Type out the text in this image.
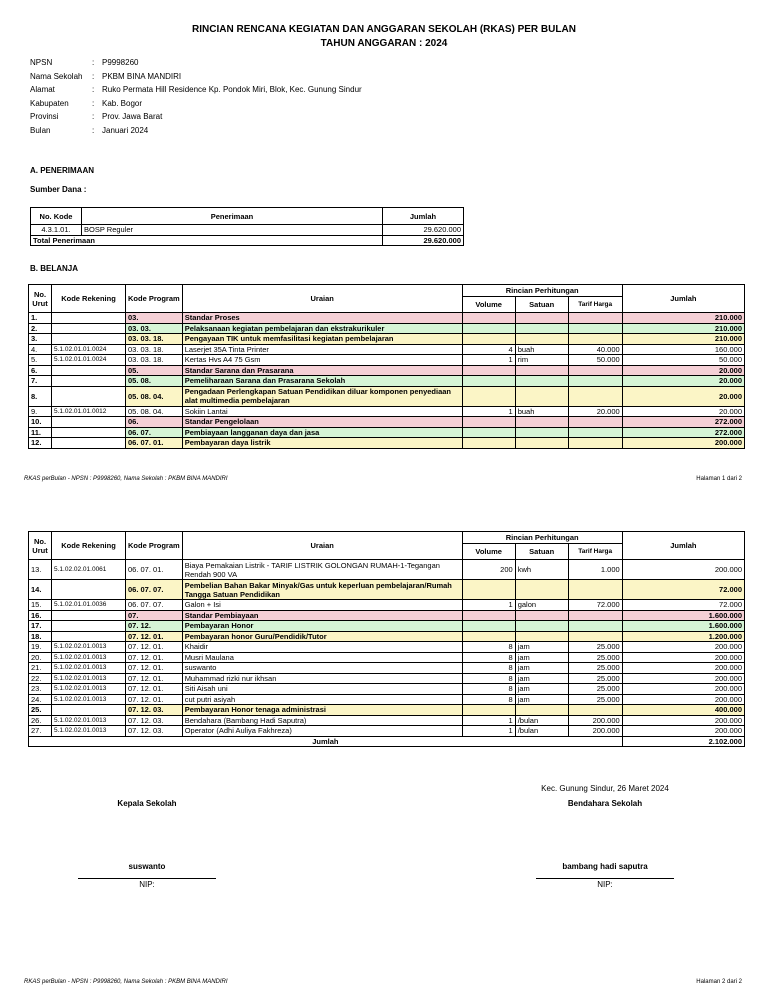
RINCIAN RENCANA KEGIATAN DAN ANGGARAN SEKOLAH (RKAS) PER BULAN
TAHUN ANGGARAN : 2024
NPSN	: P9998260
Nama Sekolah : PKBM BINA MANDIRI
Alamat	: Ruko Permata Hill Residence Kp. Pondok Miri, Blok, Kec. Gunung Sindur
Kabupaten	: Kab. Bogor
Provinsi	: Prov. Jawa Barat
Bulan	: Januari 2024
A. PENERIMAAN
Sumber Dana :
No. Kode	Penerimaan	Jumlah
4.3.1.01.	BOSP Reguler	29.620.000
Total Penerimaan		29.620.000
B. BELANJA
No. Urut	Kode Rekening	Kode Program	Uraian	Rincian Perhitungan			Jumlah
				Volume	Satuan	Tarif Harga	
1.		03.	Standar Proses				210.000
2.		03. 03.	Pelaksanaan kegiatan pembelajaran dan ekstrakurikuler				210.000
3.		03. 03. 18.	Pengayaan TIK untuk memfasilitasi kegiatan pembelajaran				210.000
4.	5.1.02.01.01.0024	03. 03. 18.	Laserjet 35A Tinta Printer	4	buah	40.000	160.000
5.	5.1.02.01.01.0024	03. 03. 18.	Kertas Hvs A4 75 Gsm	1	rim	50.000	50.000
6.		05.	Standar Sarana dan Prasarana				20.000
7.		05. 08.	Pemeliharaan Sarana dan Prasarana Sekolah				20.000
8.		05. 08. 04.	Pengadaan Perlengkapan Satuan Pendidikan diluar komponen penyediaan alat multimedia pembelajaran				20.000
9.	5.1.02.01.01.0012	05. 08. 04.	Sokiin Lantai	1	buah	20.000	20.000
10.		06.	Standar Pengelolaan				272.000
11.		06. 07.	Pembiayaan langganan daya dan jasa				272.000
12.		06. 07. 01.	Pembayaran daya listrik				200.000
RKAS perBulan - NPSN : P9998260, Nama Sekolah : PKBM BINA MANDIRI	Halaman 1 dari 2
No. Urut	Kode Rekening	Kode Program	Uraian	Rincian Perhitungan			Jumlah
				Volume	Satuan	Tarif Harga	
13.	5.1.02.02.01.0061	06. 07. 01.	Biaya Pemakaian Listrik - TARIF LISTRIK GOLONGAN RUMAH-1-Tegangan Rendah 900 VA	200	kwh	1.000	200.000
14.		06. 07. 07.	Pembelian Bahan Bakar Minyak/Gas untuk keperluan pembelajaran/Rumah Tangga Satuan Pendidikan				72.000
15.	5.1.02.01.01.0036	06. 07. 07.	Galon + Isi	1	galon	72.000	72.000
16.		07.	Standar Pembiayaan				1.600.000
17.		07. 12.	Pembayaran Honor				1.600.000
18.		07. 12. 01.	Pembayaran honor Guru/Pendidik/Tutor				1.200.000
19.	5.1.02.02.01.0013	07. 12. 01.	Khaidir	8	jam	25.000	200.000
20.	5.1.02.02.01.0013	07. 12. 01.	Musri Maulana	8	jam	25.000	200.000
21.	5.1.02.02.01.0013	07. 12. 01.	suswanto	8	jam	25.000	200.000
22.	5.1.02.02.01.0013	07. 12. 01.	Muhammad rizki nur ikhsan	8	jam	25.000	200.000
23.	5.1.02.02.01.0013	07. 12. 01.	Siti Aisah uni	8	jam	25.000	200.000
24.	5.1.02.02.01.0013	07. 12. 01.	cut putri asiyah	8	jam	25.000	200.000
25.		07. 12. 03.	Pembayaran Honor tenaga administrasi				400.000
26.	5.1.02.02.01.0013	07. 12. 03.	Bendahara (Bambang Hadi Saputra)	1	/bulan	200.000	200.000
27.	5.1.02.02.01.0013	07. 12. 03.	Operator (Adhi Auliya Fakhreza)	1	/bulan	200.000	200.000
Jumlah							2.102.000
Kec. Gunung Sindur, 26 Maret 2024
Kepala Sekolah	Bendahara Sekolah
suswanto	bambang hadi saputra
NIP:	NIP:
RKAS perBulan - NPSN : P9998260, Nama Sekolah : PKBM BINA MANDIRI	Halaman 2 dari 2
